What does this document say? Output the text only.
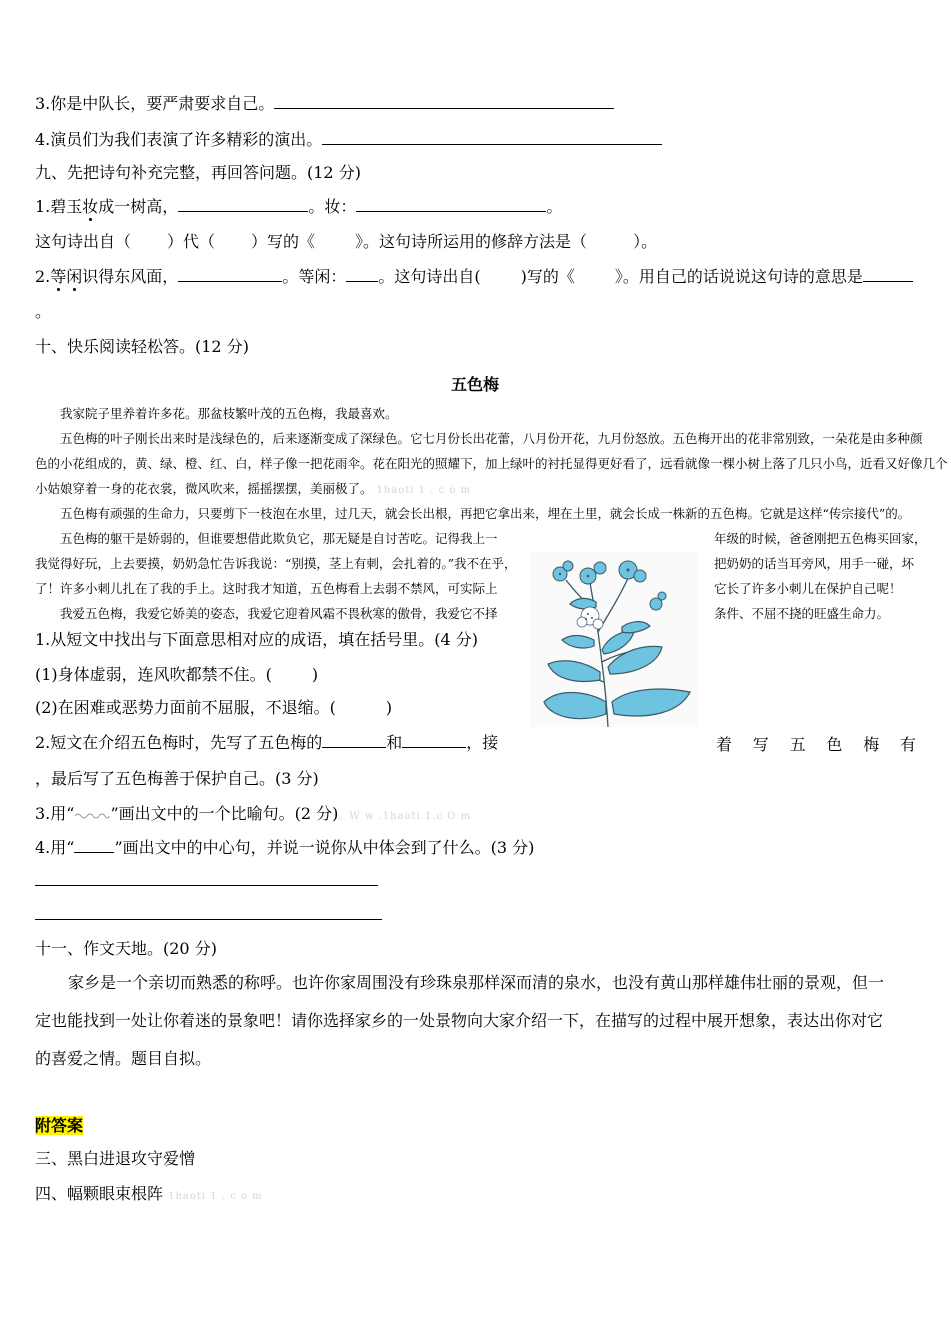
3.你是中队长，要严肃要求自己。
4.演员们为我们表演了许多精彩的演出。
九、先把诗句补充完整，再回答问题。(12 分)
1.碧玉妆成一树高，	。妆：	。
这句诗出自（ ）代（ ）写的《	》。这句诗所运用的修辞方法是（	）。
2.等闲识得东风面，	。等闲： 。这句诗出自(	)写的《	》。用自己的话说说这句诗的意思是
。
十、快乐阅读轻松答。(12 分)
五色梅
我家院子里养着许多花。那盆枝繁叶茂的五色梅，我最喜欢。
五色梅的叶子刚长出来时是浅绿色的，后来逐渐变成了深绿色。它七月份长出花蕾，八月份开花，九月份怒放。五色梅开出的花非常别致，一朵花是由多种颜
色的小花组成的，黄、绿、橙、红、白，样子像一把花雨伞。花在阳光的照耀下，加上绿叶的衬托显得更好看了，远看就像一棵小树上落了几只小鸟，近看又好像几个
小姑娘穿着一身的花衣裳，微风吹来，摇摇摆摆，美丽极了。 1haoti 1 . c o m
五色梅有顽强的生命力，只要剪下一枝泡在水里，过几天，就会长出根，再把它拿出来，埋在土里，就会长成一株新的五色梅。它就是这样“传宗接代”的。
五色梅的躯干是娇弱的，但谁要想借此欺负它，那无疑是自讨苦吃。记得我上一	年级的时候，爸爸刚把五色梅买回家，
我觉得好玩，上去要摸，奶奶急忙告诉我说：“别摸，茎上有刺，会扎着的。”我不在乎，	把奶奶的话当耳旁风，用手一碰，坏
了！许多小刺儿扎在了我的手上。这时我才知道，五色梅看上去弱不禁风，可实际上	它长了许多小刺儿在保护自己呢！
我爱五色梅，我爱它娇美的姿态，我爱它迎着风霜不畏秋寒的傲骨，我爱它不择	条件、不屈不挠的旺盛生命力。
1.从短文中找出与下面意思相对应的成语，填在括号里。(4 分)
(1)身体虚弱，连风吹都禁不住。(	)
(2)在困难或恶势力面前不屈服，不退缩。(	)
2.短文在介绍五色梅时，先写了五色梅的	和	，接	着 写 五 色 梅 有
，最后写了五色梅善于保护自己。(3 分)
3.用“ ”画出文中的一个比喻句。(2 分)。W w .1haoti 1.c O m
4.用“	”画出文中的中心句，并说一说你从中体会到了什么。(3 分)
十一、作文天地。(20 分)
家乡是一个亲切而熟悉的称呼。也许你家周围没有珍珠泉那样深而清的泉水，也没有黄山那样雄伟壮丽的景观，但一
定也能找到一处让你着迷的景象吧！请你选择家乡的一处景物向大家介绍一下，在描写的过程中展开想象，表达出你对它
的喜爱之情。题目自拟。
附答案
三、黑白进退攻守爱憎
四、幅颗眼束根阵 1haoti 1 . c o m
